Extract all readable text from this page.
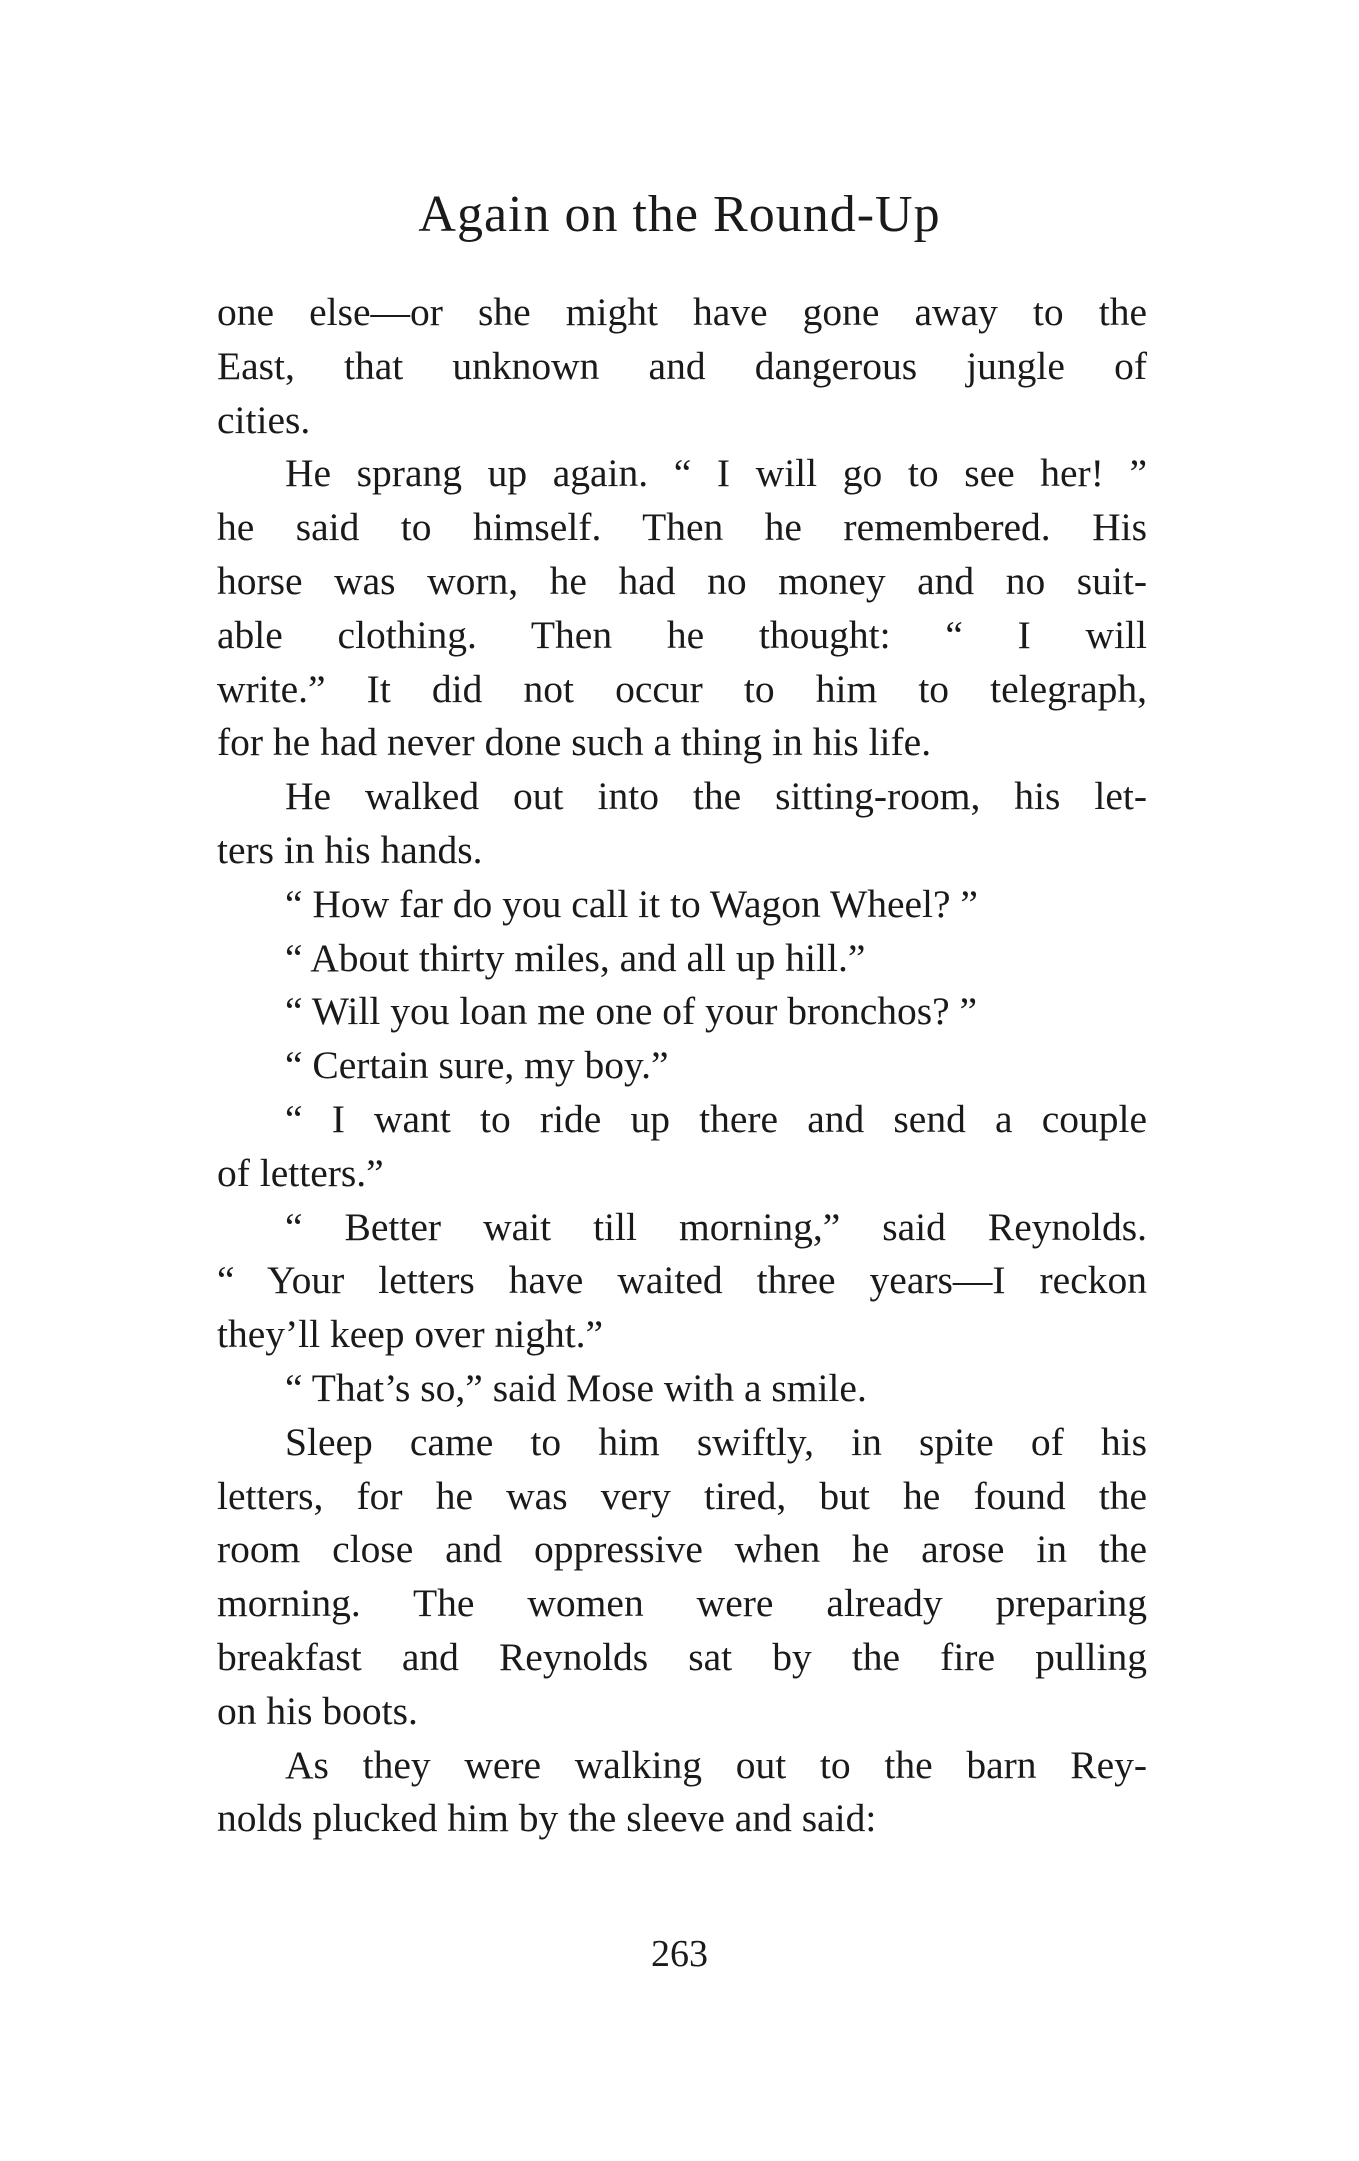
Again on the Round-Up

one else—or she might have gone away to the
East, that unknown and dangerous jungle of
cities.

He sprang up again. “ I will go to see her! ”
he said to himself. Then he remembered. His
horse was worn, he had no money and no suit-
able clothing. Then he thought: “ I will
write.” It did not occur to him to telegraph,
for he had never done such a thing in his life.

He walked out into the sitting-room, his let-
ters in his hands.

“ How far do you call it to Wagon Wheel? ”

“ About thirty miles, and all up hill.”

“ Will you loan me one of your bronchos? ”

“ Certain sure, my boy.”

“ I want to ride up there and send a couple
of letters.”

“ Better wait till morning,” said Reynolds.
“ Your letters have waited three years—I reckon
they’ll keep over night.”

“ That’s so,” said Mose with a smile.

Sleep came to him swiftly, in spite of his
letters, for he was very tired, but he found the
room close and oppressive when he arose in the
morning. The women were already preparing
breakfast and Reynolds sat by the fire pulling
on his boots.

As they were walking out to the barn Rey-
nolds plucked him by the sleeve and said:

263
